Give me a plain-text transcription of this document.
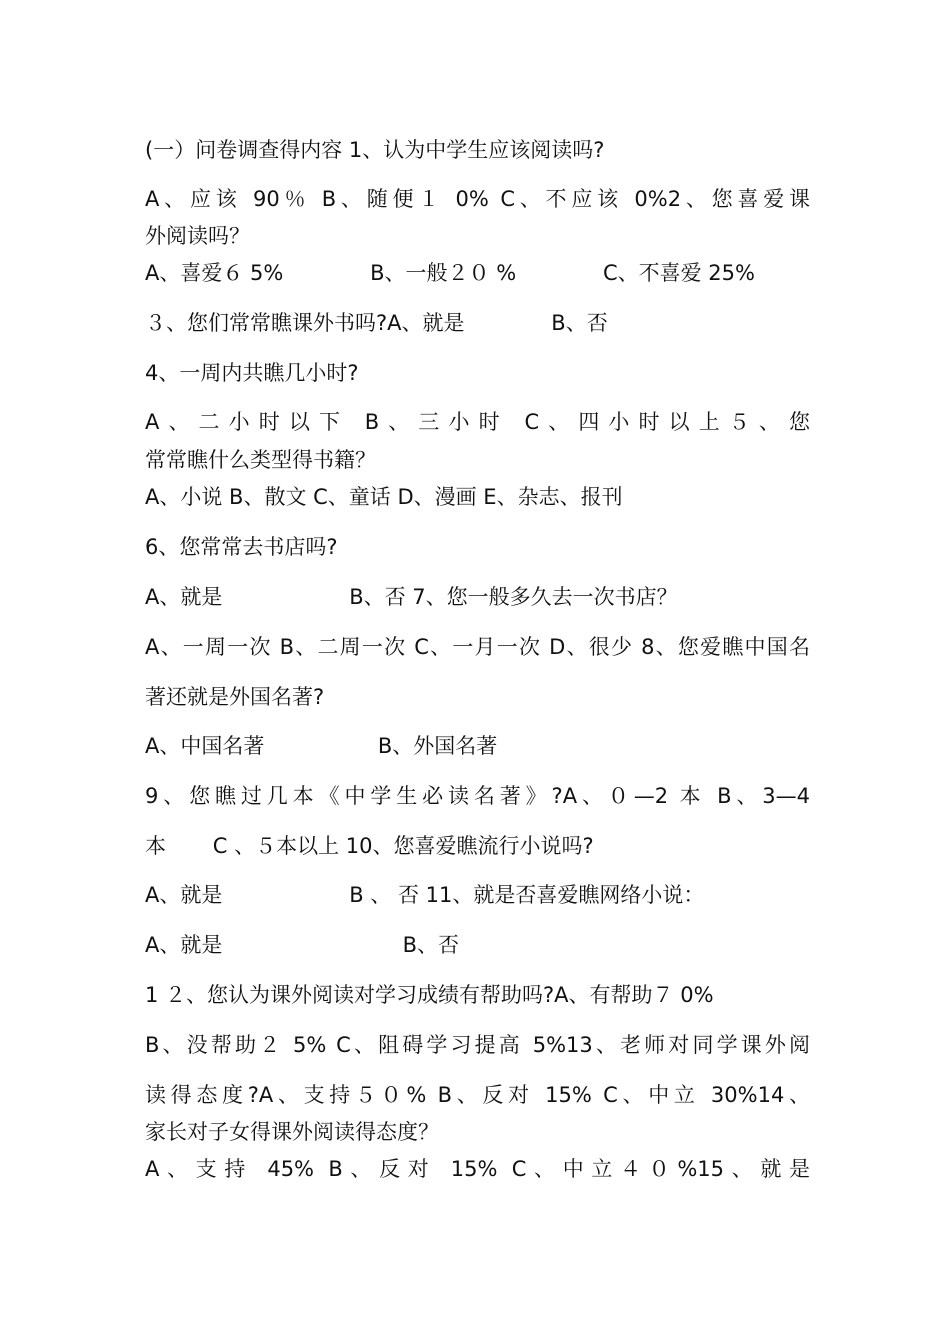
(一）问卷调查得内容 1、认为中学生应该阅读吗?
A、应该 90％ B、随便１ 0% C、不应该 0%2、您喜爱课
外阅读吗？
A、喜爱６ 5%             B、一般２０ %             C、不喜爱 25%
３、您们常常瞧课外书吗?A、就是             B、否
4、一周内共瞧几小时?
A、二小时以下 B、三小时 C、四小时以上５、您
常常瞧什么类型得书籍？
A、小说 B、散文 C、童话 D、漫画 E、杂志、报刊
6、您常常去书店吗?
A、就是                   B、否 7、您一般多久去一次书店？
A、一周一次 B、二周一次 C、一月一次 D、很少 8、您爱瞧中国名
著还就是外国名著?
A、中国名著                 B、外国名著
9、您瞧过几本《中学生必读名著》?A、０—2 本 B、3—4
本       C 、５本以上 10、您喜爱瞧流行小说吗?
A、就是                   B 、 否 11、就是否喜爱瞧网络小说：
A、就是                           B、否
1 ２、您认为课外阅读对学习成绩有帮助吗?A、有帮助７ 0%
B、没帮助２ 5% C、阻碍学习提高 5%13、老师对同学课外阅
读得态度?A、支持５０% B、反对 15% C、中立 30%14、
家长对子女得课外阅读得态度？
A、支持 45% B、反对 15% C、中立４０%15、就是
